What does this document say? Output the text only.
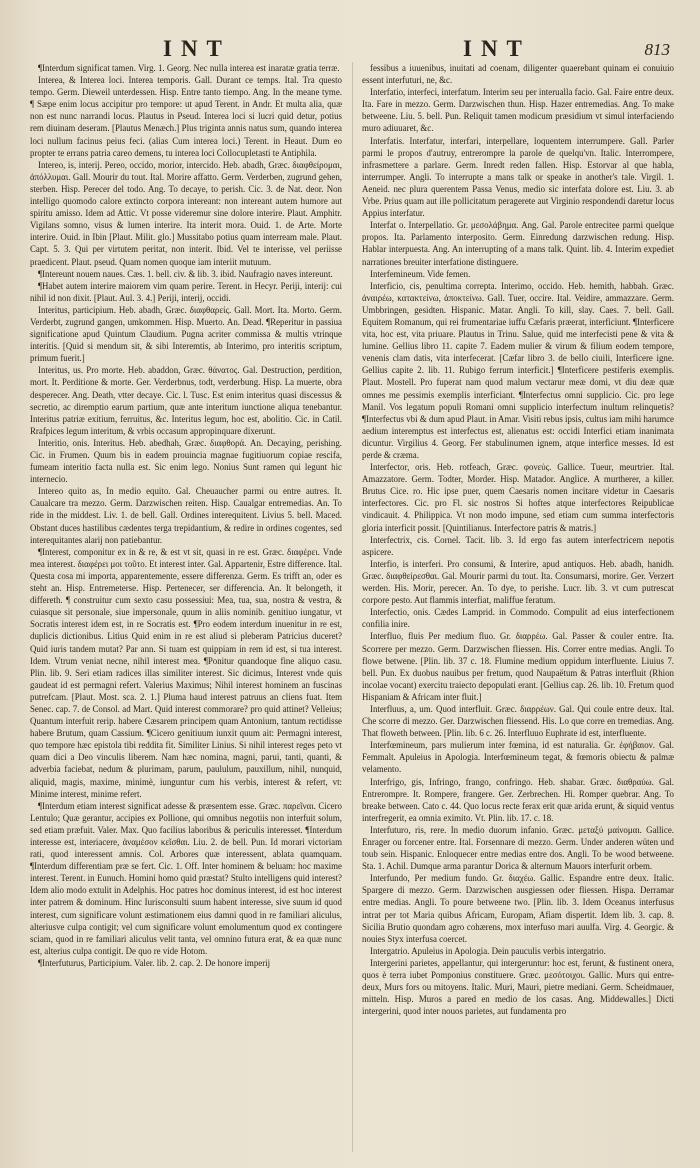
INT	INT	813

¶Interdum significat tamen. Virg. 1. Georg. Nec nulla interea est inaratæ gratia terræ.

Interea, & Interea loci. Interea temporis. Gall. Durant ce temps. Ital. Tra questo tempo. Germ. Dieweil unterdessen. Hisp. Entre tanto tiempo. Ang. In the meane tyme. ¶ Sæpe enim locus accipitur pro tempore: ut apud Terent. in Andr. Et multa alia, quæ non est nunc narrandi locus. Plautus in Pseud. Interea loci si lucri quid detur, potius rem diuinam deseram. [Plautus Menæch.] Plus triginta annis natus sum, quando interea loci nullum facinus peius feci. (alias Cum interea loci.) Terent. in Heaut. Dum eo propter te errans patria careo demens, tu interea loci Collocupletasti te Antiphila.

Intereo, is, interij. Pereo, occido, morior, intercido. Heb. abadh, Græc. διαφθείρομαι, ἀπόλλυμαι. Gall. Mourir du tout. Ital. Morire affatto. Germ. Verderben, zugrund gehen, sterben. Hisp. Perecer del todo. Ang. To decaye, to perish. Cic. 3. de Nat. deor. Non intelligo quomodo calore extincto corpora intereant: non intereant autem humore aut spiritu amisso. Idem ad Attic. Vt posse videremur sine dolore interire. Plaut. Amphitr. Vigilans somno, visus & lumen interire. Ita interit mora. Ouid. 1. de Arte. Morte interire. Ouid. in Ibin [Plaut. Milit. glo.] Mussitabo potius quam interream male. Plaut. Capt. 5. 3. Qui per virtutem peritat, non interit. Ibid. Vel te interisse, vel periisse praedicent. Plaut. pseud. Quam nomen quoque iam interiit mutuum.

¶Intereunt nouem naues. Cæs. 1. bell. civ. & lib. 3. ibid. Naufragio naves intereunt.

¶Habet autem interire maiorem vim quam perire. Terent. in Hecyr. Periji, interij: cui nihil id non dixit. [Plaut. Aul. 3. 4.] Periji, interij, occidi.

Interitus, participium. Heb. abadh, Græc. διαφθαρείς. Gall. Mort. Ita. Morto. Germ. Verderbt, zugrund gangen, umkommen. Hisp. Muerto. An. Dead. ¶Reperitur in passiua significatione apud Quintum Claudium. Pugna acriter commissa & multis vtrinque interitis. [Quid si mendum sit, & sibi Interemtis, ab Interimo, pro interitis scriptum, primum fuerit.]

Interitus, us. Pro morte. Heb. abaddon, Græc. θάνατος. Gal. Destruction, perdition, mort. It. Perditione & morte. Ger. Verderbnus, todt, verderbung. Hisp. La muerte, obra desperecer. Ang. Death, vtter decaye. Cic. l. Tusc. Est enim interitus quasi discessus & secretio, ac diremptio earum partium, quæ ante interitum iunctione aliqua tenebantur. Interitus patriæ exitium, ferruitus, &c. Interitus legum, hoc est, abolitio. Cic. in Catil. Rrafpices legum interitum, & vrbis occasum appropinquare dixerunt.

Interitio, onis. Interitus. Heb. abedhah, Græc. διαφθορά. An. Decaying, perishing. Cic. in Frumen. Quum bis in eadem prouincia magnae fugitiuorum copiae rescifa, fumeam interitio facta nulla est. Sic enim lego. Nonius Sunt ramen qui legunt hic internecio.

Intereo quito as, In medio equito. Gal. Cheuaucher parmi ou entre autres. It. Caualcare tra mezzo. Germ. Darzwischen reiten. Hisp. Caualgar entremedias. An. To ride in the middest. Liv. 1. de bell. Gall. Ordines interequitent. Livius 5. bell. Maced. Obstant duces hastilibus cædentes terga trepidantium, & redire in ordines cogentes, sed interequitantes alarij non patiebantur.

¶Interest, componitur ex in & re, & est vt sit, quasi in re est. Græc. διαφέρει. Vnde mea interest. διαφέρει μοι τοῦτο. Et interest inter. Gal. Appartenir, Estre difference. Ital. Questa cosa mi importa, apparentemente, essere differenza. Germ. Es trifft an, oder es steht an. Hisp. Entremeterse. Hisp. Pertenecer, ser differencia. An. It belongeth, it differeth. ¶ construitur cum sexto casu possessiui: Mea, tua, sua, nostra & vestra, & cuiasque sit personale, siue impersonale, quum in aliis nominib. genitiuo iungatur, vt Socratis interest idem est, in re Socratis est. ¶Pro eodem interdum inuenitur in re est, duplicis dictionibus. Litius Quid enim in re est aliud si pleberam Patricius duceret? Quid iuris tandem mutat? Par ann. Si tuam est quippiam in rem id est, si tua interest. Idem. Vtrum veniat necne, nihil interest mea. ¶Ponitur quandoque fine aliquo casu. Plin. lib. 9. Seri etiam radices illas similiter interest. Sic dicimus, Interest vnde quis gaudeat id est permagni refert. Valerius Maximus; Nihil interest hominem an fuscinas putrefcam. [Plaut. Most. sca. 2. 1.] Pluma haud interest patruus an cliens fuat. Item Senec. cap. 7. de Consol. ad Mart. Quid interest commorare? pro quid attinet? Velleius; Quantum interfuit rerip. habere Cæsarem principem quam Antonium, tantum rectidisse habere Brutum, quam Cassium. ¶Cicero genitiuum iunxit quum ait: Permagni interest, quo tempore hæc epistola tibi reddita fit. Similiter Linius. Si nihil interest reges peto vt quam dici a Deo vinculis liberem. Nam hæc nomina, magni, parui, tanti, quanti, & adverbia faciebat, nedum & plurimam, parum, paululum, pauxillum, nihil, nunquid, aliquid, magis, maxime, minimè, iunguntur cum his verbis, interest & refert, vt: Minime interest, minime refert.

¶Interdum etiam interest significat adesse & præsentem esse. Græc. παρεῖναι. Cicero Lentulo; Quæ gerantur, accipies ex Pollione, qui omnibus negotiis non interfuit solum, sed etiam præfuit. Valer. Max. Quo facilius laboribus & periculis interesset. ¶Interdum interesse est, interiacere, ἀναμέσον κεῖσθαι. Liu. 2. de bell. Pun. Id morari victoriam rati, quod interessent amnis. Col. Arbores quæ interessent, ablata quamquam. ¶Interdum differentiam præ se fert. Cic. 1. Off. Inter hominem & beluam: hoc maxime interest. Terent. in Eunuch. Homini homo quid præstat? Stulto intelligens quid interest? Idem alio modo extulit in Adelphis. Hoc patres hoc dominus interest, id est hoc interest inter patrem & dominum. Hinc Iurisconsulti suum habent interesse, sive suum id quod interest, cum significare volunt æstimationem eius damni quod in re familiari aliculus, alteriusve culpa contigit; vel cum significare volunt emolumentum quod ex contingere sciam, quod in re familiari aliculus velit tanta, vel omnino futura erat, & ea quæ nunc est, alterius culpa contigit. De quo re vide Hotom.

¶Interfuturus, Participium. Valer. lib. 2. cap. 2. De honore imperij

fessibus a iuuenibus, inuitati ad coenam, diligenter quaerebant quinam ei conuiuio essent interfuturi, ne, &c.

Interfatio, interfeci, interfatum. Interim seu per interualla facio. Gal. Faire entre deux. Ita. Fare in mezzo. Germ. Darzwischen thun. Hisp. Hazer entremedias. Ang. To make betweene. Liu. 5. bell. Pun. Reliquit tamen modicum præsidium vt simul interfaciendo muro adiuuaret, &c.

Interfatis. Interfatur, interfari, interpellare, loquentem interrumpere. Gall. Parler parmi le propos d'autruy, entrerompre la parole de quelqu'vn. Italic. Interrompere, infrasmettere a parlare. Germ. Inredt reden fallen. Hisp. Estorvar al que habla, interrumper. Angli. To interrupte a mans talk or speake in another's tale. Virgil. 1. Aeneid. nec plura querentem Passa Venus, medio sic interfata dolore est. Liu. 3. ab Vrbe. Prius quam aut ille pollicitatum peragerete aut Virginio respondendi daretur locus Appius interfatur.

Interfat o. Interpellatio. Gr. μεσολάβημα. Ang. Gal. Parole entrecitee parmi quelque propos. Ita. Parlamento interposito. Germ. Einredung darzwischen redung. Hisp. Hablar interpuesta. Ang. An interrupting of a mans talk. Quint. lib. 4. Interim expediet narrationes breuiter interfatione distinguere.

Interfemineum. Vide femen.

Interficio, cis, penultima correpta. Interimo, occido. Heb. hemith, habbah. Græc. ἀναιρέω, κατακτείνω, ἀποκτείνω. Gall. Tuer, occire. Ital. Veidire, ammazzare. Germ. Umbbringen, gesidten. Hispanic. Matar. Angli. To kill, slay. Caes. 7. bell. Gall. Equitem Romanum, qui rei frumentariae iuffu Cæfaris præerat, interficiunt. ¶Interficere vita, hoc est, vita priuare. Plautus in Trinu. Salue, quid me interfecisti pene & vita & lumine. Gellius libro 11. capite 7. Eadem mulier & virum & filium eodem tempore, venenis clam datis, vita interfecerat. [Cæfar libro 3. de bello ciuili, Interficere igne. Gellius capite 2. lib. 11. Rubigo ferrum interficit.] ¶Interficere pestiferis exemplis. Plaut. Mostell. Pro fuperat nam quod malum vectarur meæ domi, vt diu deæ quæ omnes me pessimis exemplis interficiant. ¶Interfectus omni supplicio. Cic. pro lege Manil. Vos legatum populi Romani omni supplicio interfectum inultum relinquetis? ¶Interfectus vbi & dum apud Plaut. in Amar. Visiti rebus ipsis, cultus iam mihi harumce aedium interemptus est interfectus est, alienatus est: occidi Interfici etiam inanimata dicuntur. Virgilius 4. Georg. Fer stabulinumen ignem, atque interfice messes. Id est perde & cræma.

Interfector, oris. Heb. rotfeach, Græc. φονεύς. Gallice. Tueur, meurtrier. Ital. Amazzatore. Germ. Todter, Morder. Hisp. Matador. Anglice. A murtherer, a killer. Brutus Cice. ro. Hic ipse puer, quem Caesaris nomen incitare videtur in Caesaris interfectores. Cic. pro Fl. sic nostros Si hoftes atque interfectores Reipublicae vindicauit. 4. Philippica. Vt non modo impune, sed etiam cum summa interfectoris gloria interficit possit. [Quintilianus. Interfectore patris & matris.]

Interfectrix, cis. Cornel. Tacit. lib. 3. Id ergo fas autem interfectricem nepotis aspicere.

Interfio, is interferi. Pro consumi, & Interire, apud antiquos. Heb. abadh, hanidh. Græc. διαφθείρεσθαι. Gal. Mourir parmi du tout. Ita. Consumarsi, morire. Ger. Verzert werden. His. Morir, perecer. An. To dye, to perishe. Lucr. lib. 3. vt cum putrescat corpore pesto. Aut flammis interfiat, maliffue feratum.

Interfectio, onis. Cædes Lamprid. in Commodo. Compulit ad eius interfectionem confilia inire.

Interfluo, fluis Per medium fluo. Gr. διαρρέω. Gal. Passer & couler entre. Ita. Scorrere per mezzo. Germ. Darzwischen fliessen. His. Correr entre medias. Angli. To flowe betwene. [Plin. lib. 37 c. 18. Flumine medium oppidum interfluente. Liuius 7. bell. Pun. Ex duobus nauibus per fretum, quod Naupaëtum & Patras interfluit (Rhion incolae vocant) exercitu traiecto depopulati erant. [Gellius cap. 26. lib. 10. Fretum quod Hispaniam & Africam inter fluit.]

Interfluus, a, um. Quod interfluit. Græc. διαρρέων. Gal. Qui coule entre deux. Ital. Che scorre di mezzo. Ger. Darzwischen fliessend. His. Lo que corre en tremedias. Ang. That floweth between. [Plin. lib. 6 c. 26. Interfluuo Euphrate id est, interfluente.

Interfœmineum, pars mulierum inter fœmina, id est naturalia. Gr. ἐφήβαιον. Gal. Femmalt. Apuleius in Apologia. Interfœmineum tegat, & fœmoris obiectu & palmæ velamento.

Interfrigo, gis, Infringo, frango, confringo. Heb. shabar. Græc. διαθραύω. Gal. Entrerompre. It. Rompere, frangere. Ger. Zerbrechen. Hi. Romper quebrar. Ang. To breake between. Cato c. 44. Quo locus recte ferax erit quæ arida erunt, & siquid ventus interfregerit, ea omnia eximito. Vt. Plin. lib. 17. c. 18.

Interfuturo, ris, rere. In medio duorum infanio. Græc. μεταξύ μαίνομαι. Gallice. Enrager ou forcener entre. Ital. Forsennare di mezzo. Germ. Under anderen wüten und toub sein. Hispanic. Enloquecer entre medias entre dos. Angli. To be wood betweene. Sta. 1. Achil. Dumque arma parantur Dorica & alternum Mauors interfurit orbem.

Interfundo, Per medium fundo. Gr. διαχέω. Gallic. Espandre entre deux. Italic. Spargere di mezzo. Germ. Darzwischen ausgiessen oder fliessen. Hispa. Derramar entre medias. Angli. To poure betweene two. [Plin. lib. 3. Idem Oceanus interfusus intrat per tot Maria quibus Africam, Europam, Afiam dispertit. Idem lib. 3. cap. 8. Sicilia Brutio quondam agro cohærens, mox interfuso mari auulfa. Virg. 4. Georgic. & nouies Styx interfusa coercet.

Intergatrio. Apuleius in Apologia. Dein pauculis verbis intergatrio.

Intergerini parietes, appellantur, qui intergeruntur: hoc est, ferunt, & fustinent onera, quos è terra iubet Pomponius constituere. Græc. μεσότοιχοι. Gallic. Murs qui entre-deux, Murs fors ou mitoyens. Italic. Muri, Mauri, pietre mediani. Germ. Scheidmauer, mitteln. Hisp. Muros a pared en medio de los casas. Ang. Middewalles.] Dicti intergerini, quod inter nouos parietes, aut fundamenta pro
